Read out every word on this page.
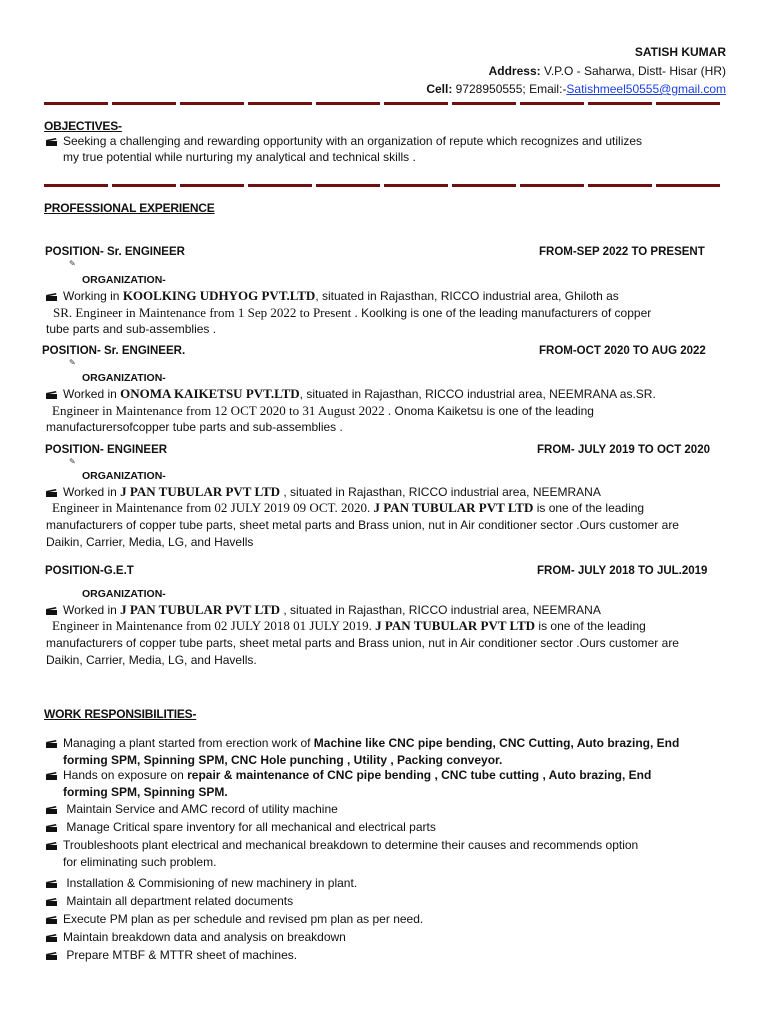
SATISH KUMAR
Address: V.P.O - Saharwa, Distt- Hisar (HR)
Cell: 9728950555; Email:-Satishmeel50555@gmail.com
OBJECTIVES-
Seeking a challenging and rewarding opportunity with an organization of repute which recognizes and utilizes
my true potential while nurturing my analytical and technical skills .
PROFESSIONAL EXPERIENCE
POSITION- Sr. ENGINEER	FROM-SEP 2022 TO PRESENT
✎
ORGANIZATION-
Working in KOOLKING UDHYOG PVT.LTD, situated in Rajasthan, RICCO industrial area, Ghiloth as
SR. Engineer in Maintenance from 1 Sep 2022 to Present . Koolking is one of the leading manufacturers of copper
tube parts and sub-assemblies .
POSITION- Sr. ENGINEER.	FROM-OCT 2020 TO AUG 2022
✎
ORGANIZATION-
Worked in ONOMA KAIKETSU PVT.LTD, situated in Rajasthan, RICCO industrial area, NEEMRANA as.SR.
Engineer in Maintenance from 12 OCT 2020 to 31 August 2022 . Onoma Kaiketsu is one of the leading
manufacturersofcopper tube parts and sub-assemblies .
POSITION- ENGINEER	FROM- JULY 2019 TO OCT 2020
✎
ORGANIZATION-
Worked in J PAN TUBULAR PVT LTD , situated in Rajasthan, RICCO industrial area, NEEMRANA
Engineer in Maintenance from 02 JULY 2019 09 OCT. 2020. J PAN TUBULAR PVT LTD is one of the leading
manufacturers of copper tube parts, sheet metal parts and Brass union, nut in Air conditioner sector .Ours customer are
Daikin, Carrier, Media, LG, and Havells
POSITION-G.E.T	FROM- JULY 2018 TO JUL.2019
ORGANIZATION-
Worked in J PAN TUBULAR PVT LTD , situated in Rajasthan, RICCO industrial area, NEEMRANA
Engineer in Maintenance from 02 JULY 2018 01 JULY 2019. J PAN TUBULAR PVT LTD is one of the leading
manufacturers of copper tube parts, sheet metal parts and Brass union, nut in Air conditioner sector .Ours customer are
Daikin, Carrier, Media, LG, and Havells.
WORK RESPONSIBILITIES-
Managing a plant started from erection work of Machine like CNC pipe bending, CNC Cutting, Auto brazing, End
forming SPM, Spinning SPM, CNC Hole punching , Utility , Packing conveyor.
Hands on exposure on repair & maintenance of CNC pipe bending , CNC tube cutting , Auto brazing, End
forming SPM, Spinning SPM.
Maintain Service and AMC record of utility machine
Manage Critical spare inventory for all mechanical and electrical parts
Troubleshoots plant electrical and mechanical breakdown to determine their causes and recommends option
for eliminating such problem.
Installation & Commisioning of new machinery in plant.
Maintain all department related documents
Execute PM plan as per schedule and revised pm plan as per need.
Maintain breakdown data and analysis on breakdown
Prepare MTBF & MTTR sheet of machines.
